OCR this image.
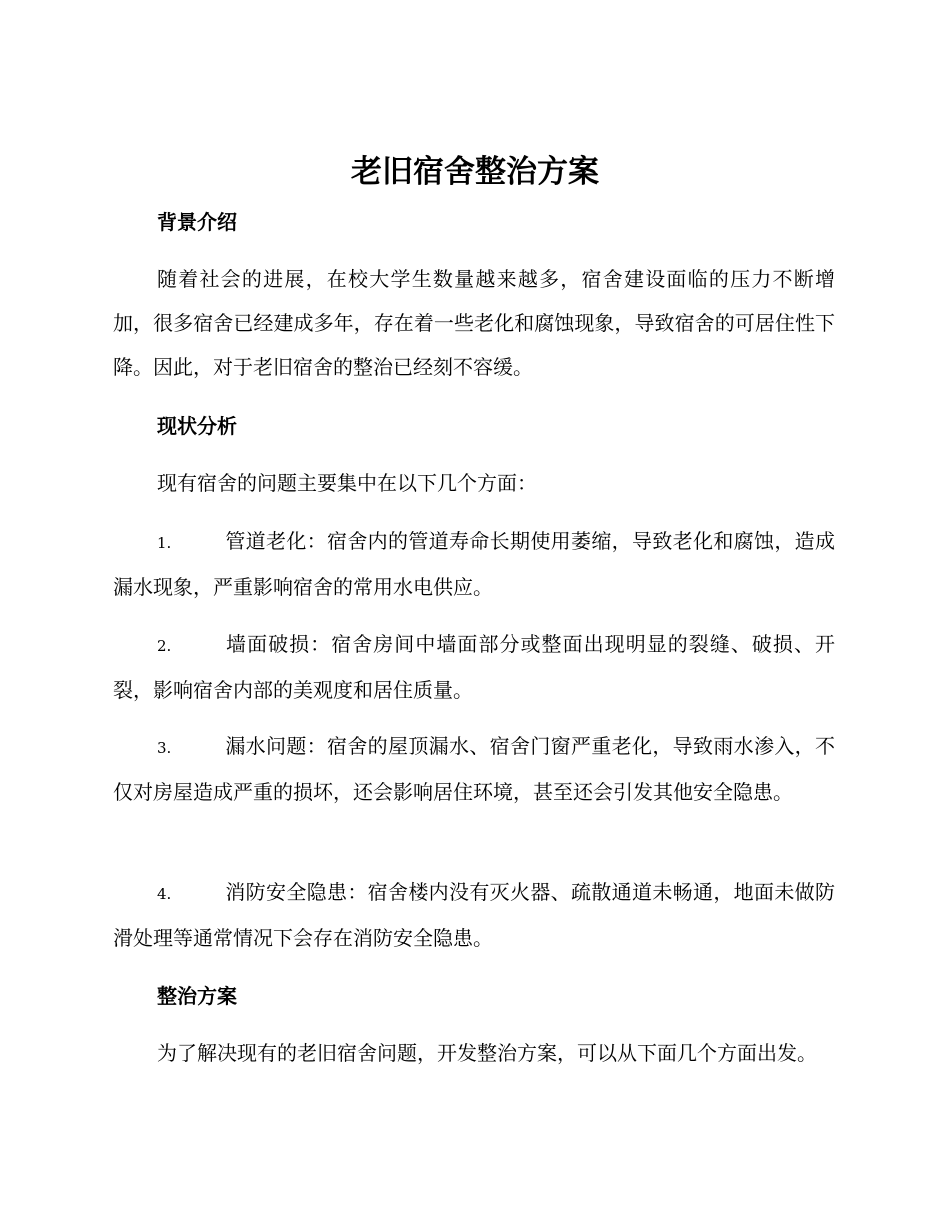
老旧宿舍整治方案
背景介绍
随着社会的进展，在校大学生数量越来越多，宿舍建设面临的压力不断增加，很多宿舍已经建成多年，存在着一些老化和腐蚀现象，导致宿舍的可居住性下降。因此，对于老旧宿舍的整治已经刻不容缓。
现状分析
现有宿舍的问题主要集中在以下几个方面：
1.	管道老化：宿舍内的管道寿命长期使用萎缩，导致老化和腐蚀，造成漏水现象，严重影响宿舍的常用水电供应。
2.	墙面破损：宿舍房间中墙面部分或整面出现明显的裂缝、破损、开裂，影响宿舍内部的美观度和居住质量。
3.	漏水问题：宿舍的屋顶漏水、宿舍门窗严重老化，导致雨水渗入，不仅对房屋造成严重的损坏，还会影响居住环境，甚至还会引发其他安全隐患。
4.	消防安全隐患：宿舍楼内没有灭火器、疏散通道未畅通，地面未做防滑处理等通常情况下会存在消防安全隐患。
整治方案
为了解决现有的老旧宿舍问题，开发整治方案，可以从下面几个方面出发。
